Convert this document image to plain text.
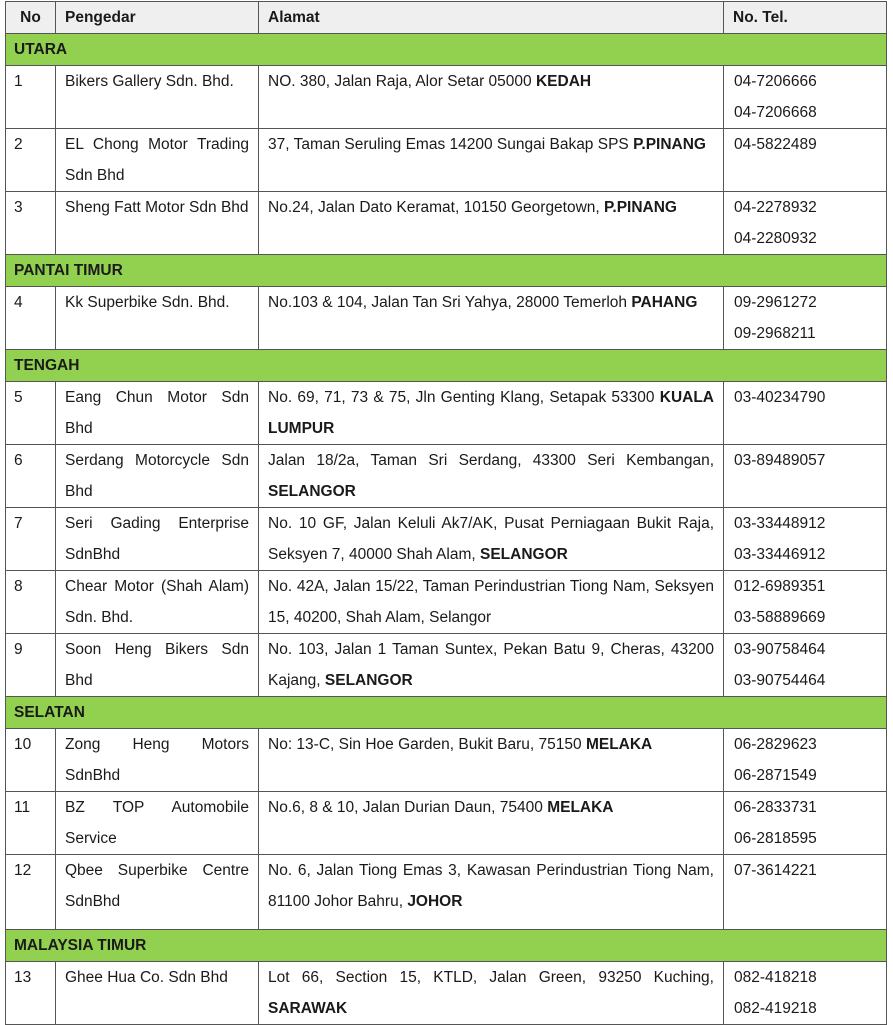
No	Pengedar	Alamat	No. Tel.
UTARA			
1	Bikers Gallery Sdn. Bhd.	NO. 380, Jalan Raja, Alor Setar 05000 KEDAH	04-7206666
04-7206668

2	EL Chong Motor Trading Sdn Bhd	37, Taman Seruling Emas 14200 Sungai Bakap SPS P.PINANG	04-5822489

3	Sheng Fatt Motor Sdn Bhd	No.24, Jalan Dato Keramat, 10150 Georgetown, P.PINANG	04-2278932
04-2280932

PANTAI TIMUR			
4	Kk Superbike Sdn. Bhd.	No.103 & 104, Jalan Tan Sri Yahya, 28000 Temerloh PAHANG	09-2961272
09-2968211

TENGAH			
5	Eang Chun Motor Sdn Bhd	No. 69, 71, 73 & 75, Jln Genting Klang, Setapak 53300 KUALA LUMPUR	03-40234790

6	Serdang Motorcycle Sdn Bhd	Jalan 18/2a, Taman Sri Serdang, 43300 Seri Kembangan, SELANGOR	03-89489057

7	Seri Gading Enterprise SdnBhd	No. 10 GF, Jalan Keluli Ak7/AK, Pusat Perniagaan Bukit Raja, Seksyen 7, 40000 Shah Alam, SELANGOR	03-33448912
03-33446912

8	Chear Motor (Shah Alam) Sdn. Bhd.	No. 42A, Jalan 15/22, Taman Perindustrian Tiong Nam, Seksyen 15, 40200, Shah Alam, Selangor	012-6989351
03-58889669

9	Soon Heng Bikers Sdn Bhd	No. 103, Jalan 1 Taman Suntex, Pekan Batu 9, Cheras, 43200 Kajang, SELANGOR	03-90758464
03-90754464

SELATAN			
10	Zong Heng Motors SdnBhd	No: 13-C, Sin Hoe Garden, Bukit Baru, 75150 MELAKA	06-2829623
06-2871549

11	BZ TOP Automobile Service	No.6, 8 & 10, Jalan Durian Daun, 75400 MELAKA	06-2833731
06-2818595

12	Qbee Superbike Centre SdnBhd	No. 6, Jalan Tiong Emas 3, Kawasan Perindustrian Tiong Nam, 81100 Johor Bahru, JOHOR	07-3614221

MALAYSIA TIMUR			
13	Ghee Hua Co. Sdn Bhd	Lot 66, Section 15, KTLD, Jalan Green, 93250 Kuching, SARAWAK	082-418218
082-419218
